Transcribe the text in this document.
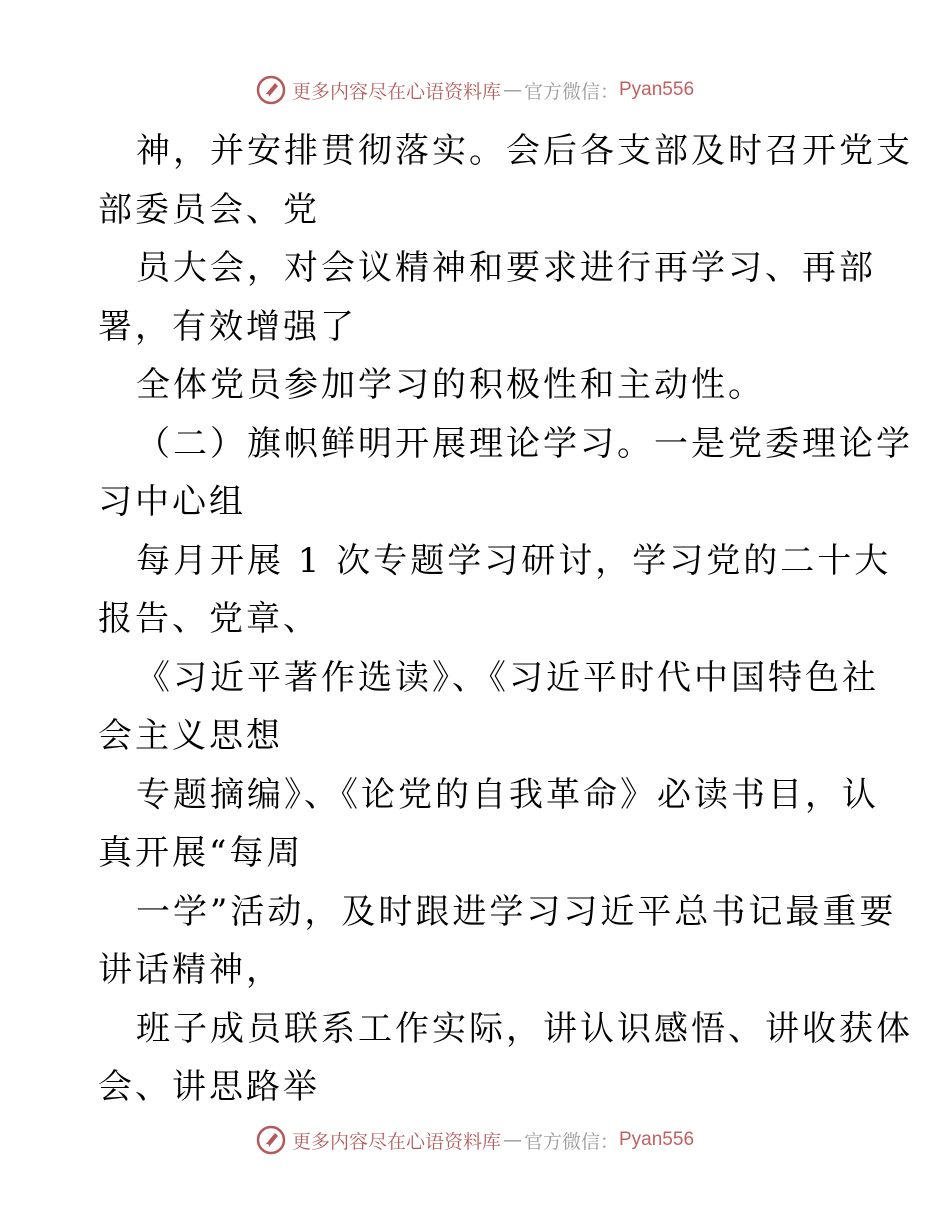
更多内容尽在心语资料库 — 官方微信： Pyan556
神，并安排贯彻落实。会后各支部及时召开党支
部委员会、党
员大会，对会议精神和要求进行再学习、再部
署，有效增强了
全体党员参加学习的积极性和主动性。
（二）旗帜鲜明开展理论学习。一是党委理论学
习中心组
每月开展 1 次专题学习研讨，学习党的二十大
报告、党章、
《习近平著作选读》、《习近平时代中国特色社
会主义思想
专题摘编》、《论党的自我革命》必读书目，认
真开展“每周
一学”活动，及时跟进学习习近平总书记最重要
讲话精神，
班子成员联系工作实际，讲认识感悟、讲收获体
会、讲思路举
更多内容尽在心语资料库 — 官方微信： Pyan556
